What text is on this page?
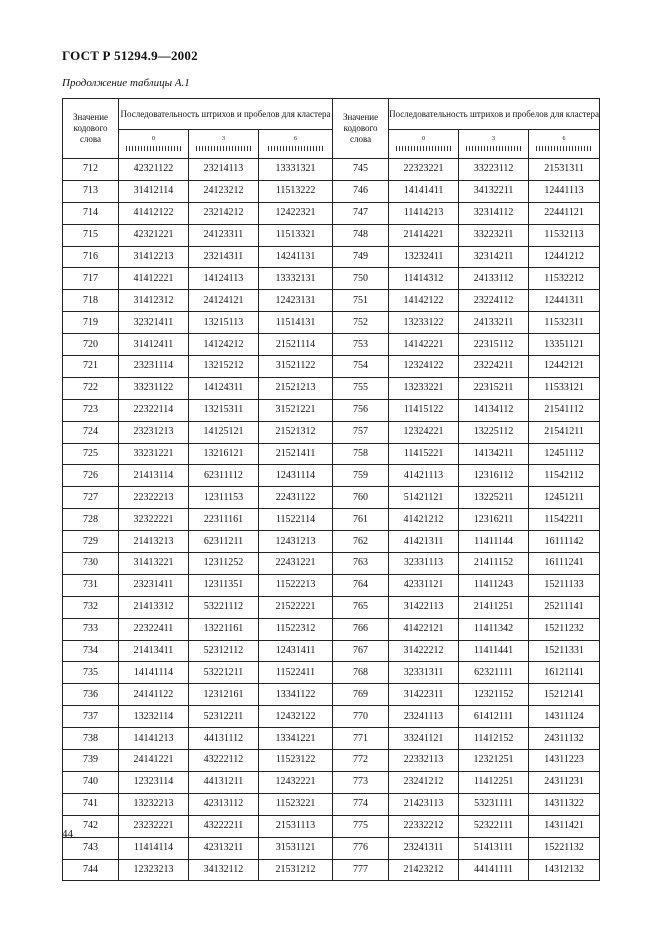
ГОСТ Р 51294.9—2002
Продолжение таблицы А.1
Значение кодового слова	Последовательность штрихов и пробелов для кластера			Значение кодового слова	Последовательность штрихов и пробелов для кластера		

	0	3	6		0	3	6

712	42321122	23214113	13331321	745	22323221	33223112	21531311
713	31412114	24123212	11513222	746	14141411	34132211	12441113
714	41412122	23214212	12422321	747	11414213	32314112	22441121
715	42321221	24123311	11513321	748	21414221	33223211	11532113
716	31412213	23214311	14241131	749	13232411	32314211	12441212
717	41412221	14124113	13332131	750	11414312	24133112	11532212
718	31412312	24124121	12423131	751	14142122	23224112	12441311
719	32321411	13215113	11514131	752	13233122	24133211	11532311
720	31412411	14124212	21521114	753	14142221	22315112	13351121
721	23231114	13215212	31521122	754	12324122	23224211	12442121
722	33231122	14124311	21521213	755	13233221	22315211	11533121
723	22322114	13215311	31521221	756	11415122	14134112	21541112
724	23231213	14125121	21521312	757	12324221	13225112	21541211
725	33231221	13216121	21521411	758	11415221	14134211	12451112
726	21413114	62311112	12431114	759	41421113	12316112	11542112
727	22322213	12311153	22431122	760	51421121	13225211	12451211
728	32322221	22311161	11522114	761	41421212	12316211	11542211
729	21413213	62311211	12431213	762	41421311	11411144	16111142
730	31413221	12311252	22431221	763	32331113	21411152	16111241
731	23231411	12311351	11522213	764	42331121	11411243	15211133
732	21413312	53221112	21522221	765	31422113	21411251	25211141
733	22322411	13221161	11522312	766	41422121	11411342	15211232
734	21413411	52312112	12431411	767	31422212	11411441	15211331
735	14141114	53221211	11522411	768	32331311	62321111	16121141
736	24141122	12312161	13341122	769	31422311	12321152	15212141
737	13232114	52312211	12432122	770	23241113	61412111	14311124
738	14141213	44131112	13341221	771	33241121	11412152	24311132
739	24141221	43222112	11523122	772	22332113	12321251	14311223
740	12323114	44131211	12432221	773	23241212	11412251	24311231
741	13232213	42313112	11523221	774	21423113	53231111	14311322
742	23232221	43222211	21531113	775	22332212	52322111	14311421
743	11414114	42313211	31531121	776	23241311	51413111	15221132
744	12323213	34132112	21531212	777	21423212	44141111	14312132
44
